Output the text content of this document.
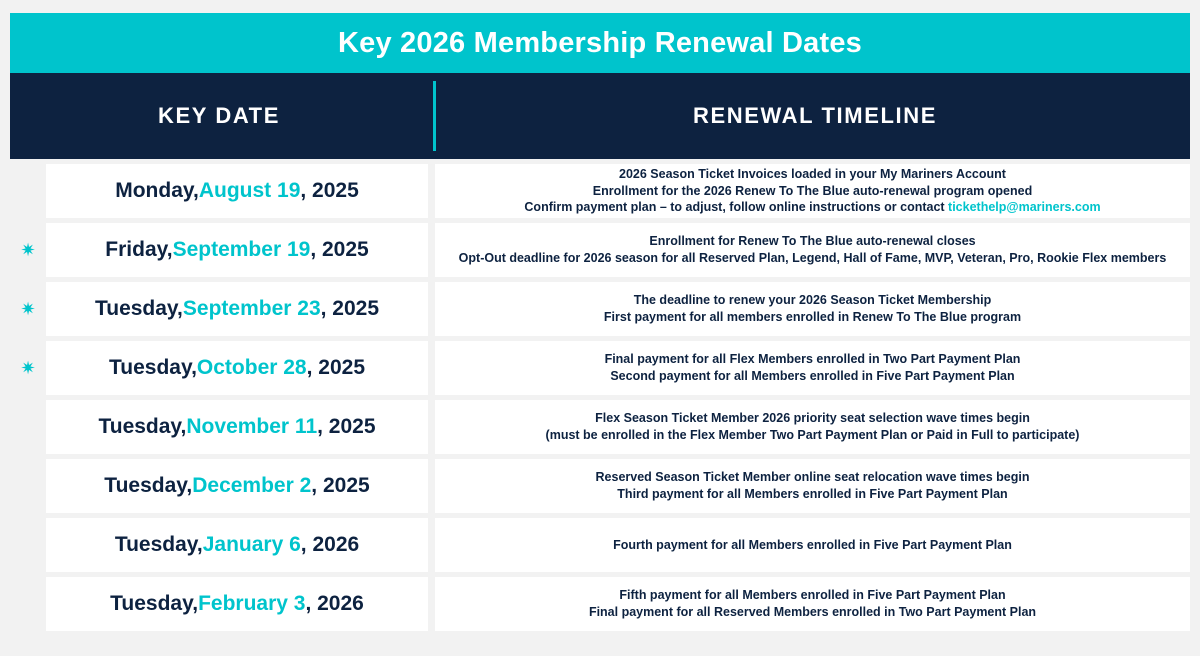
Key 2026 Membership Renewal Dates
KEY DATE	RENEWAL TIMELINE
Monday, August 19 , 2025
2026 Season Ticket Invoices loaded in your My Mariners Account
Enrollment for the 2026 Renew To The Blue auto-renewal program opened
Confirm payment plan – to adjust, follow online instructions or contact tickethelp@mariners.com
✷	Friday, September 19 , 2025	Enrollment for Renew To The Blue auto-renewal closes
Opt-Out deadline for 2026 season for all Reserved Plan, Legend, Hall of Fame, MVP, Veteran, Pro, Rookie Flex members
✷	Tuesday, September 23 , 2025	The deadline to renew your 2026 Season Ticket Membership
First payment for all members enrolled in Renew To The Blue program
✷	Tuesday, October 28 , 2025	Final payment for all Flex Members enrolled in Two Part Payment Plan
Second payment for all Members enrolled in Five Part Payment Plan
Tuesday, November 11 , 2025	Flex Season Ticket Member 2026 priority seat selection wave times begin
(must be enrolled in the Flex Member Two Part Payment Plan or Paid in Full to participate)
Tuesday, December 2 , 2025	Reserved Season Ticket Member online seat relocation wave times begin
Third payment for all Members enrolled in Five Part Payment Plan
Tuesday, January 6 , 2026	Fourth payment for all Members enrolled in Five Part Payment Plan
Tuesday, February 3 , 2026	Fifth payment for all Members enrolled in Five Part Payment Plan
Final payment for all Reserved Members enrolled in Two Part Payment Plan
